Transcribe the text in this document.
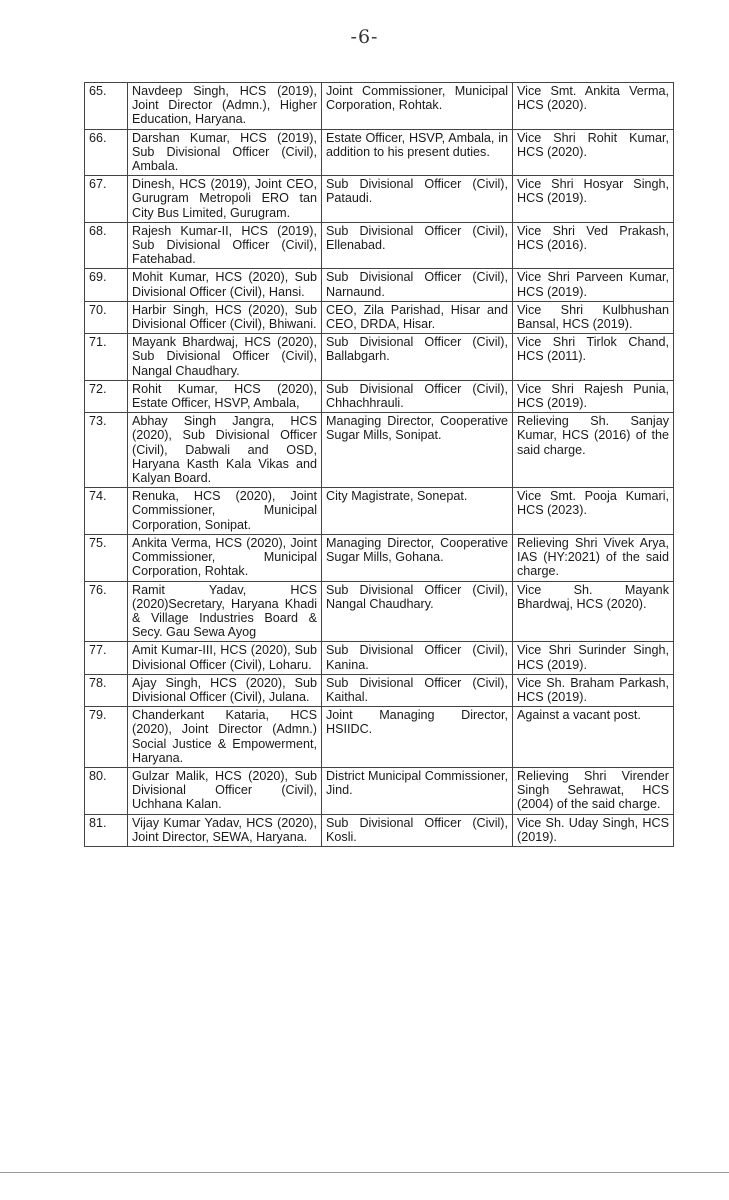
-6-
65.	Navdeep Singh, HCS (2019), Joint Director (Admn.), Higher Education, Haryana.	Joint Commissioner, Municipal Corporation, Rohtak.	Vice Smt. Ankita Verma, HCS (2020).
66.	Darshan Kumar, HCS (2019), Sub Divisional Officer (Civil), Ambala.	Estate Officer, HSVP, Ambala, in addition to his present duties.	Vice Shri Rohit Kumar, HCS (2020).
67.	Dinesh, HCS (2019), Joint CEO, Gurugram Metropoli ERO tan City Bus Limited, Gurugram.	Sub Divisional Officer (Civil), Pataudi.	Vice Shri Hosyar Singh, HCS (2019).
68.	Rajesh Kumar-II, HCS (2019), Sub Divisional Officer (Civil), Fatehabad.	Sub Divisional Officer (Civil), Ellenabad.	Vice Shri Ved Prakash, HCS (2016).
69.	Mohit Kumar, HCS (2020), Sub Divisional Officer (Civil), Hansi.	Sub Divisional Officer (Civil), Narnaund.	Vice Shri Parveen Kumar, HCS (2019).
70.	Harbir Singh, HCS (2020), Sub Divisional Officer (Civil), Bhiwani.	CEO, Zila Parishad, Hisar and CEO, DRDA, Hisar.	Vice Shri Kulbhushan Bansal, HCS (2019).
71.	Mayank Bhardwaj, HCS (2020), Sub Divisional Officer (Civil), Nangal Chaudhary.	Sub Divisional Officer (Civil), Ballabgarh.	Vice Shri Tirlok Chand, HCS (2011).
72.	Rohit Kumar, HCS (2020), Estate Officer, HSVP, Ambala,	Sub Divisional Officer (Civil), Chhachhrauli.	Vice Shri Rajesh Punia, HCS (2019).
73.	Abhay Singh Jangra, HCS (2020), Sub Divisional Officer (Civil), Dabwali and OSD, Haryana Kasth Kala Vikas and Kalyan Board.	Managing Director, Cooperative Sugar Mills, Sonipat.	Relieving Sh. Sanjay Kumar, HCS (2016) of the said charge.
74.	Renuka, HCS (2020), Joint Commissioner, Municipal Corporation, Sonipat.	City Magistrate, Sonepat.	Vice Smt. Pooja Kumari, HCS (2023).
75.	Ankita Verma, HCS (2020), Joint Commissioner, Municipal Corporation, Rohtak.	Managing Director, Cooperative Sugar Mills, Gohana.	Relieving Shri Vivek Arya, IAS (HY:2021) of the said charge.
76.	Ramit Yadav, HCS (2020)Secretary, Haryana Khadi & Village Industries Board & Secy. Gau Sewa Ayog	Sub Divisional Officer (Civil), Nangal Chaudhary.	Vice Sh. Mayank Bhardwaj, HCS (2020).
77.	Amit Kumar-III, HCS (2020), Sub Divisional Officer (Civil), Loharu.	Sub Divisional Officer (Civil), Kanina.	Vice Shri Surinder Singh, HCS (2019).
78.	Ajay Singh, HCS (2020), Sub Divisional Officer (Civil), Julana.	Sub Divisional Officer (Civil), Kaithal.	Vice Sh. Braham Parkash, HCS (2019).
79.	Chanderkant Kataria, HCS (2020), Joint Director (Admn.) Social Justice & Empowerment, Haryana.	Joint Managing Director, HSIIDC.	Against a vacant post.
80.	Gulzar Malik, HCS (2020), Sub Divisional Officer (Civil), Uchhana Kalan.	District Municipal Commissioner, Jind.	Relieving Shri Virender Singh Sehrawat, HCS (2004) of the said charge.
81.	Vijay Kumar Yadav, HCS (2020), Joint Director, SEWA, Haryana.	Sub Divisional Officer (Civil), Kosli.	Vice Sh. Uday Singh, HCS (2019).
